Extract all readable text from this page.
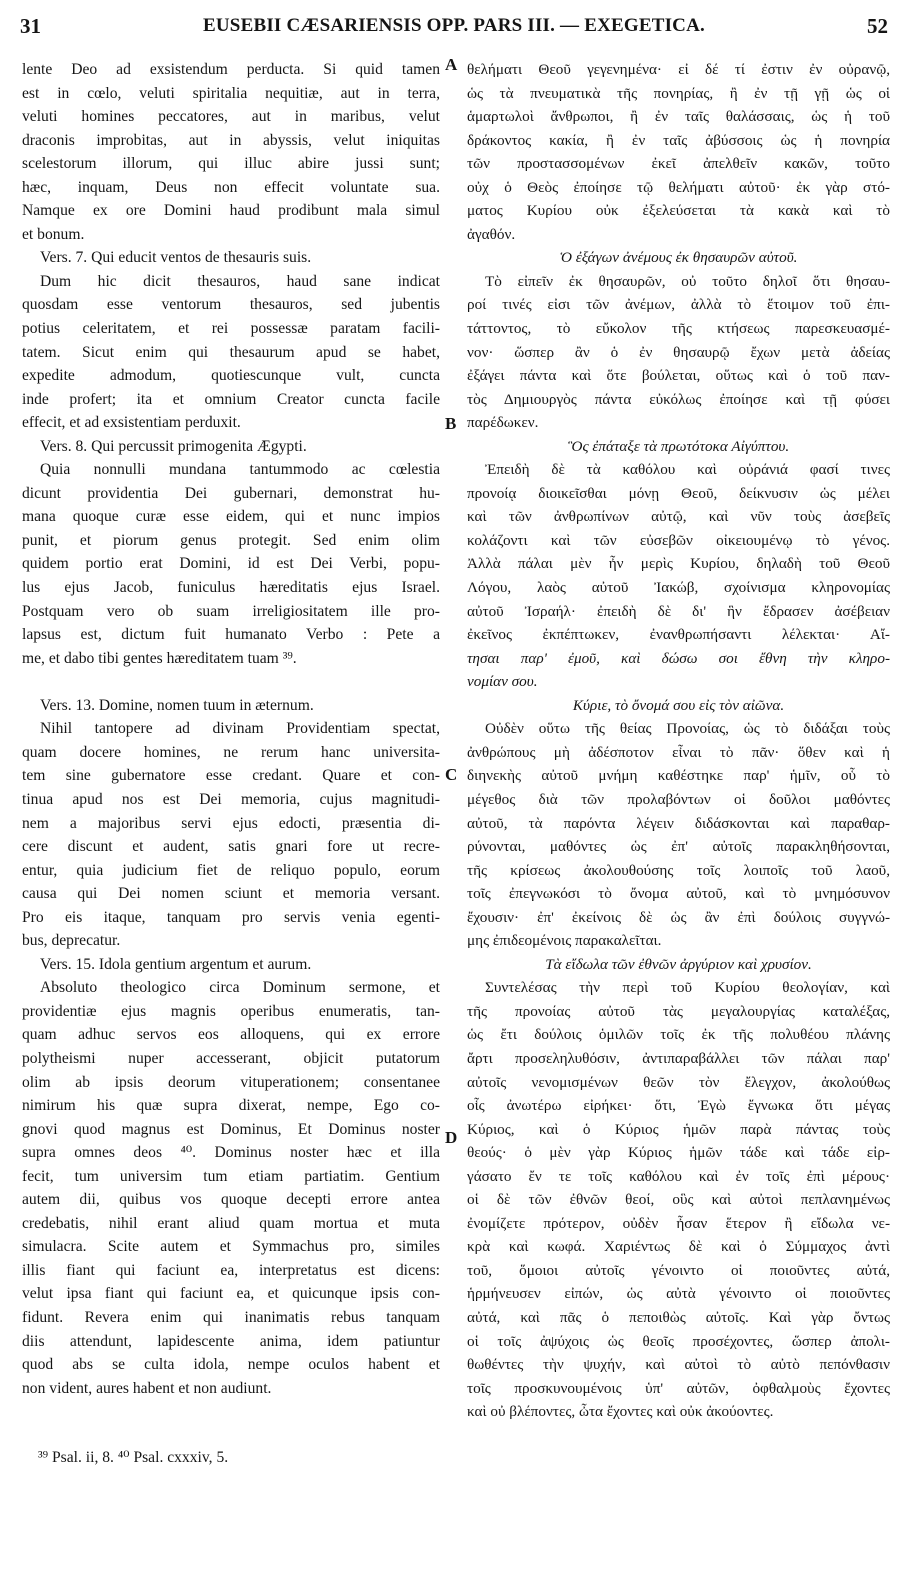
31	EUSEBII CÆSARIENSIS OPP. PARS III. — EXEGETICA.	52
lente Deo ad exsistendum perducta. Si quid tamen
est in cœlo, veluti spiritalia nequitiæ, aut in terra,
veluti homines peccatores, aut in maribus, velut
draconis improbitas, aut in abyssis, velut iniquitas
scelestorum illorum, qui illuc abire jussi sunt;
hæc, inquam, Deus non effecit voluntate sua.
Namque ex ore Domini haud prodibunt mala simul
et bonum.
Vers. 7. Qui educit ventos de thesauris suis.
Dum hic dicit thesauros, haud sane indicat
quosdam esse ventorum thesauros, sed jubentis
potius celeritatem, et rei possessæ paratam facili-
tatem. Sicut enim qui thesaurum apud se habet,
expedite admodum, quotiescunque vult, cuncta
inde profert; ita et omnium Creator cuncta facile
effecit, et ad exsistentiam perduxit.
Vers. 8. Qui percussit primogenita Ægypti.
Quia nonnulli mundana tantummodo ac cœlestia
dicunt providentia Dei gubernari, demonstrat hu-
mana quoque curæ esse eidem, qui et nunc impios
punit, et piorum genus protegit. Sed enim olim
quidem portio erat Domini, id est Dei Verbi, popu-
lus ejus Jacob, funiculus hæreditatis ejus Israel.
Postquam vero ob suam irreligiositatem ille pro-
lapsus est, dictum fuit humanato Verbo : Pete a
me, et dabo tibi gentes hæreditatem tuam ³⁹.
Vers. 13. Domine, nomen tuum in æternum.
Nihil tantopere ad divinam Providentiam spectat,
quam docere homines, ne rerum hanc universita-
tem sine gubernatore esse credant. Quare et con-
tinua apud nos est Dei memoria, cujus magnitudi-
nem a majoribus servi ejus edocti, præsentia di-
cere discunt et audent, satis gnari fore ut recre-
entur, quia judicium fiet de reliquo populo, eorum
causa qui Dei nomen sciunt et memoria versant.
Pro eis itaque, tanquam pro servis venia egenti-
bus, deprecatur.
Vers. 15. Idola gentium argentum et aurum.
Absoluto theologico circa Dominum sermone, et
providentiæ ejus magnis operibus enumeratis, tan-
quam adhuc servos eos alloquens, qui ex errore
polytheismi nuper accesserant, objicit putatorum
olim ab ipsis deorum vituperationem; consentanee
nimirum his quæ supra dixerat, nempe, Ego co-
gnovi quod magnus est Dominus, Et Dominus noster
supra omnes deos ⁴⁰. Dominus noster hæc et illa
fecit, tum universim tum etiam partiatim. Gentium
autem dii, quibus vos quoque decepti errore antea
credebatis, nihil erant aliud quam mortua et muta
simulacra. Scite autem et Symmachus pro, similes
illis fiant qui faciunt ea, interpretatus est dicens:
velut ipsa fiant qui faciunt ea, et quicunque ipsis con-
fidunt. Revera enim qui inanimatis rebus tanquam
diis attendunt, lapidescente anima, idem patiuntur
quod abs se culta idola, nempe oculos habent et
non vident, aures habent et non audiunt.
θελήματι Θεοῦ γεγενημένα· εἰ δέ τί ἐστιν ἐν οὐρανῷ,
ὡς τὰ πνευματικὰ τῆς πονηρίας, ἢ ἐν τῇ γῇ ὡς οἱ
ἁμαρτωλοὶ ἄνθρωποι, ἢ ἐν ταῖς θαλάσσαις, ὡς ἡ τοῦ
δράκοντος κακία, ἢ ἐν ταῖς ἀβύσσοις ὡς ἡ πονηρία
τῶν προστασσομένων ἐκεῖ ἀπελθεῖν κακῶν, τοῦτο
οὐχ ὁ Θεὸς ἐποίησε τῷ θελήματι αὐτοῦ· ἐκ γὰρ στό-
ματος Κυρίου οὐκ ἐξελεύσεται τὰ κακὰ καὶ τὸ
ἀγαθόν.
Ὁ ἐξάγων ἀνέμους ἐκ θησαυρῶν αὐτοῦ.
Τὸ εἰπεῖν ἐκ θησαυρῶν, οὐ τοῦτο δηλοῖ ὅτι θησαυ-
ροί τινές εἰσι τῶν ἀνέμων, ἀλλὰ τὸ ἕτοιμον τοῦ ἐπι-
τάττοντος, τὸ εὔκολον τῆς κτήσεως παρεσκευασμέ-
νον· ὥσπερ ἂν ὁ ἐν θησαυρῷ ἔχων μετὰ ἀδείας
ἐξάγει πάντα καὶ ὅτε βούλεται, οὕτως καὶ ὁ τοῦ παν-
τὸς Δημιουργὸς πάντα εὐκόλως ἐποίησε καὶ τῇ φύσει
παρέδωκεν.
Ὃς ἐπάταξε τὰ πρωτότοκα Αἰγύπτου.
Ἐπειδὴ δὲ τὰ καθόλου καὶ οὐράνιά φασί τινες
προνοίᾳ διοικεῖσθαι μόνῃ Θεοῦ, δείκνυσιν ὡς μέλει
καὶ τῶν ἀνθρωπίνων αὐτῷ, καὶ νῦν τοὺς ἀσεβεῖς
κολάζοντι καὶ τῶν εὐσεβῶν οἰκειουμένῳ τὸ γένος.
Ἀλλὰ πάλαι μὲν ἦν μερὶς Κυρίου, δηλαδὴ τοῦ Θεοῦ
Λόγου, λαὸς αὐτοῦ Ἰακώβ, σχοίνισμα κληρονομίας
αὐτοῦ Ἰσραήλ· ἐπειδὴ δὲ δι' ἣν ἔδρασεν ἀσέβειαν
ἐκεῖνος ἐκπέπτωκεν, ἐνανθρωπήσαντι λέλεκται· Αἴ-
τησαι παρ' ἐμοῦ, καὶ δώσω σοι ἔθνη τὴν κληρο-
νομίαν σου.
Κύριε, τὸ ὄνομά σου εἰς τὸν αἰῶνα.
Οὐδὲν οὕτω τῆς θείας Προνοίας, ὡς τὸ διδάξαι τοὺς
ἀνθρώπους μὴ ἀδέσποτον εἶναι τὸ πᾶν· ὅθεν καὶ ἡ
διηνεκὴς αὐτοῦ μνήμη καθέστηκε παρ' ἡμῖν, οὗ τὸ
μέγεθος διὰ τῶν προλαβόντων οἱ δοῦλοι μαθόντες
αὐτοῦ, τὰ παρόντα λέγειν διδάσκονται καὶ παραθαρ-
ρύνονται, μαθόντες ὡς ἐπ' αὐτοῖς παρακληθήσονται,
τῆς κρίσεως ἀκολουθούσης τοῖς λοιποῖς τοῦ λαοῦ,
τοῖς ἐπεγνωκόσι τὸ ὄνομα αὐτοῦ, καὶ τὸ μνημόσυνον
ἔχουσιν· ἐπ' ἐκείνοις δὲ ὡς ἂν ἐπὶ δούλοις συγγνώ-
μης ἐπιδεομένοις παρακαλεῖται.
Τὰ εἴδωλα τῶν ἐθνῶν ἀργύριον καὶ χρυσίον.
Συντελέσας τὴν περὶ τοῦ Κυρίου θεολογίαν, καὶ
τῆς προνοίας αὐτοῦ τὰς μεγαλουργίας καταλέξας,
ὡς ἔτι δούλοις ὁμιλῶν τοῖς ἐκ τῆς πολυθέου πλάνης
ἄρτι προσεληλυθόσιν, ἀντιπαραβάλλει τῶν πάλαι παρ'
αὐτοῖς νενομισμένων θεῶν τὸν ἔλεγχον, ἀκολούθως
οἷς ἀνωτέρω εἰρήκει· ὅτι, Ἐγὼ ἔγνωκα ὅτι μέγας
Κύριος, καὶ ὁ Κύριος ἡμῶν παρὰ πάντας τοὺς
θεούς· ὁ μὲν γὰρ Κύριος ἡμῶν τάδε καὶ τάδε εἰρ-
γάσατο ἔν τε τοῖς καθόλου καὶ ἐν τοῖς ἐπὶ μέρους·
οἱ δὲ τῶν ἐθνῶν θεοί, οὓς καὶ αὐτοὶ πεπλανημένως
ἐνομίζετε πρότερον, οὐδὲν ἦσαν ἕτερον ἢ εἴδωλα νε-
κρὰ καὶ κωφά. Χαριέντως δὲ καὶ ὁ Σύμμαχος ἀντὶ
τοῦ, ὅμοιοι αὐτοῖς γένοιντο οἱ ποιοῦντες αὐτά,
ἡρμήνευσεν εἰπών, ὡς αὐτὰ γένοιντο οἱ ποιοῦντες
αὐτά, καὶ πᾶς ὁ πεποιθὼς αὐτοῖς. Καὶ γὰρ ὄντως
οἱ τοῖς ἀψύχοις ὡς θεοῖς προσέχοντες, ὥσπερ ἀπολι-
θωθέντες τὴν ψυχήν, καὶ αὐτοὶ τὸ αὐτὸ πεπόνθασιν
τοῖς προσκυνουμένοις ὑπ' αὐτῶν, ὀφθαλμοὺς ἔχοντες
καὶ οὐ βλέποντες, ὦτα ἔχοντες καὶ οὐκ ἀκούοντες.
A
B
C
D
³⁹ Psal. ii, 8. ⁴⁰ Psal. cxxxiv, 5.
